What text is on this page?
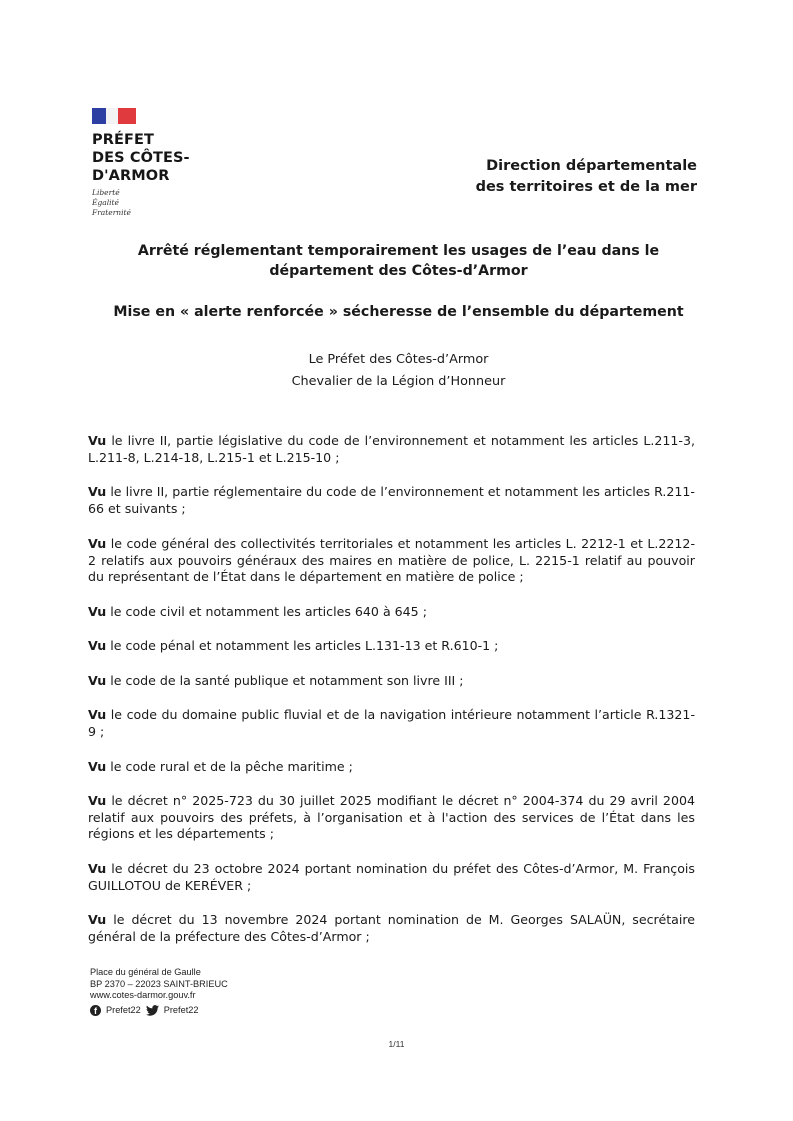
PRÉFET
DES CÔTES-
D'ARMOR
Liberté
Égalité
Fraternité
Direction départementale
des territoires et de la mer
Arrêté réglementant temporairement les usages de l’eau dans le
département des Côtes-d’Armor
Mise en « alerte renforcée » sécheresse de l’ensemble du département
Le Préfet des Côtes-d’Armor
Chevalier de la Légion d’Honneur

Vu le livre II, partie législative du code de l’environnement et notamment les articles L.211-3, L.211-8, L.214-18, L.215-1 et L.215-10 ;

Vu le livre II, partie réglementaire du code de l’environnement et notamment les articles R.211-66 et suivants ;

Vu le code général des collectivités territoriales et notamment les articles L. 2212-1 et L.2212-2 relatifs aux pouvoirs généraux des maires en matière de police, L. 2215-1 relatif au pouvoir du représentant de l’État dans le département en matière de police ;

Vu le code civil et notamment les articles 640 à 645 ;

Vu le code pénal et notamment les articles L.131-13 et R.610-1 ;

Vu le code de la santé publique et notamment son livre III ;

Vu le code du domaine public fluvial et de la navigation intérieure notamment l’article R.1321-9 ;

Vu le code rural et de la pêche maritime ;

Vu le décret n° 2025-723 du 30 juillet 2025 modifiant le décret n° 2004-374 du 29 avril 2004 relatif aux pouvoirs des préfets, à l’organisation et à l'action des services de l’État dans les régions et les départements ;

Vu le décret du 23 octobre 2024 portant nomination du préfet des Côtes-d’Armor, M. François GUILLOTOU de KERÉVER ;

Vu le décret du 13 novembre 2024 portant nomination de M. Georges SALAÜN, secrétaire général de la préfecture des Côtes-d’Armor ;

Place du général de Gaulle
BP 2370 – 22023 SAINT-BRIEUC
www.cotes-darmor.gouv.fr
f Prefet22	Prefet22
1/11
